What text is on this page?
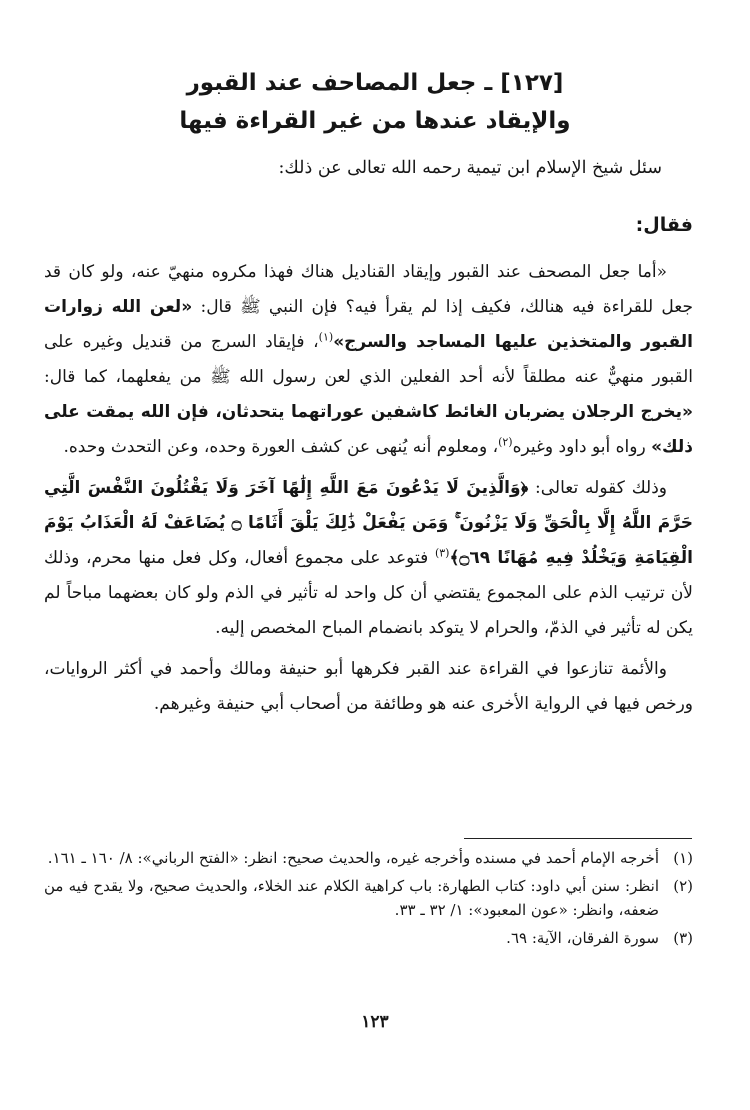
[١٢٧] ـ جعل المصاحف عند القبور
والإيقاد عندها من غير القراءة فيها
سئل شيخ الإسلام ابن تيمية رحمه الله تعالى عن ذلك:
فقال:

«أما جعل المصحف عند القبور وإيقاد القناديل هناك فهذا مكروه منهيّ عنه، ولو كان قد جعل للقراءة فيه هنالك، فكيف إذا لم يقرأ فيه؟ فإن النبي ﷺ قال: «لعن الله زوارات القبور والمتخذين عليها المساجد والسرج»$^{(١)}$، فإيقاد السرج من قنديل وغيره على القبور منهيٌّ عنه مطلقاً لأنه أحد الفعلين الذي لعن رسول الله ﷺ من يفعلهما، كما قال: «يخرج الرجلان يضربان الغائط كاشفين عوراتهما يتحدثان، فإن الله يمقت على ذلك» رواه أبو داود وغيره$^{(٢)}$، ومعلوم أنه يُنهى عن كشف العورة وحده، وعن التحدث وحده.

وذلك كقوله تعالى: ﴿وَالَّذِينَ لَا يَدْعُونَ مَعَ اللَّهِ إِلَٰهًا آخَرَ وَلَا يَقْتُلُونَ النَّفْسَ الَّتِي حَرَّمَ اللَّهُ إِلَّا بِالْحَقِّ وَلَا يَزْنُونَ ۚ وَمَن يَفْعَلْ ذَٰلِكَ يَلْقَ أَثَامًا ۝ يُضَاعَفْ لَهُ الْعَذَابُ يَوْمَ الْقِيَامَةِ وَيَخْلُدْ فِيهِ مُهَانًا ۝٦٩﴾$^{(٣)}$ فتوعد على مجموع أفعال، وكل فعل منها محرم، وذلك لأن ترتيب الذم على المجموع يقتضي أن كل واحد له تأثير في الذم ولو كان بعضهما مباحاً لم يكن له تأثير في الذمّ، والحرام لا يتوكد بانضمام المباح المخصص إليه.

والأئمة تنازعوا في القراءة عند القبر فكرهها أبو حنيفة ومالك وأحمد في أكثر الروايات، ورخص فيها في الرواية الأخرى عنه هو وطائفة من أصحاب أبي حنيفة وغيرهم.

(١)
أخرجه الإمام أحمد في مسنده وأخرجه غيره، والحديث صحيح: انظر: «الفتح الرباني»: ٨/ ١٦٠ ـ ١٦١.
(٢)
انظر: سنن أبي داود: كتاب الطهارة: باب كراهية الكلام عند الخلاء، والحديث صحيح، ولا يقدح فيه من ضعفه، وانظر: «عون المعبود»: ١/ ٣٢ ـ ٣٣.
(٣)
سورة الفرقان، الآية: ٦٩.
١٢٣
